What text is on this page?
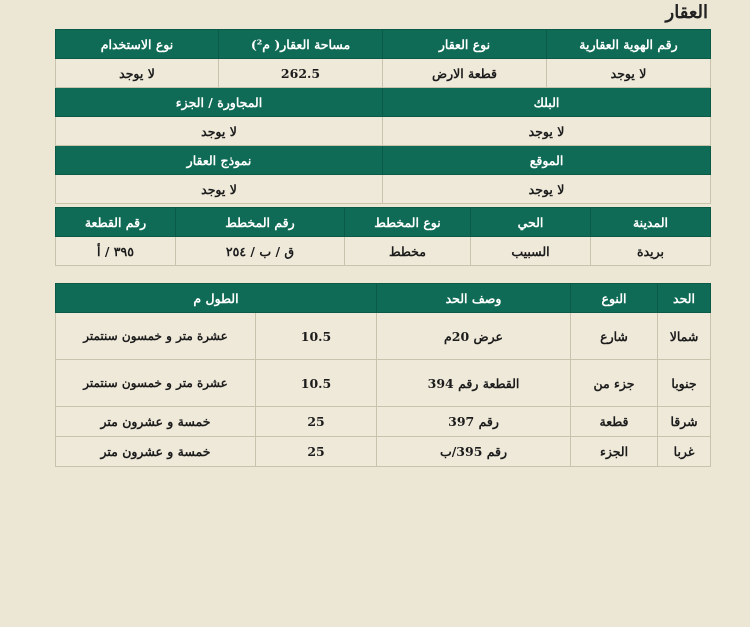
العقار
رقم الهوية العقارية	نوع العقار	مساحة العقار( م²)	نوع الاستخدام
لا يوجد	قطعة الارض	262.5	لا يوجد
البلك		المجاورة / الجزء	
لا يوجد		لا يوجد	
الموقع		نموذج العقار	
لا يوجد		لا يوجد	
المدينة	الحي	نوع المخطط	رقم المخطط	رقم القطعة
بريدة	السبيب	مخطط	ق / ب / ٢٥٤	٣٩٥ / أ
الحد	النوع	وصف الحد	الطول م	
شمالا	شارع	عرض 20م	10.5	عشرة متر و خمسون سنتمتر
جنوبا	جزء من	القطعة رقم 394	10.5	عشرة متر و خمسون سنتمتر
شرقا	قطعة	رقم 397	25	خمسة و عشرون متر
غربا	الجزء	رقم 395/ب	25	خمسة و عشرون متر
